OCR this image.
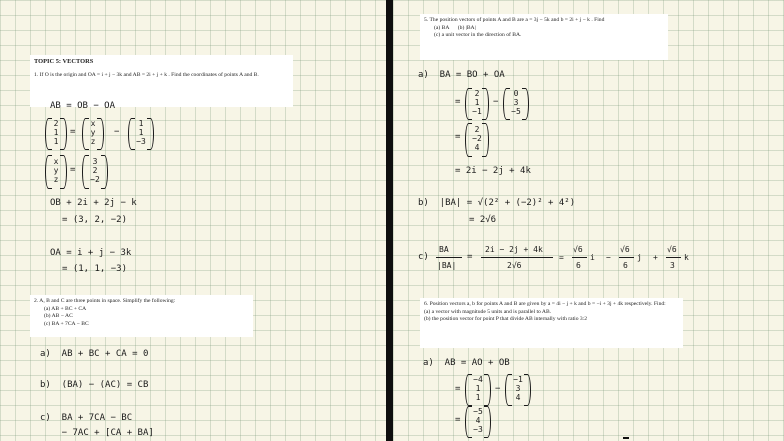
TOPIC 5: VECTORS
1. If O is the origin and OA = i + j − 3k and AB = 2i + j + k . Find the coordinates of points A and B.
AB = OB − OA
2
1
1
=
x
y
z
−
1
1
−3
x
y
z
=
3
2
−2
OB + 2i + 2j − k
= (3, 2, −2)
OA = i + j − 3k
= (1, 1, −3)
2. A, B and C are three points in space. Simplify the following:
(a) AB + BC + CA
(b) AB − AC
(c) BA + 7CA − BC
a)  AB + BC + CA = 0
b)  (BA) − (AC) = CB
c)  BA + 7CA − BC
− 7AC + [CA + BA]
5. The position vectors of points A and B are a = 3j − 5k and b = 2i + j − k . Find
(a) BA (b) |BA|
(c) a unit vector in the direction of BA.
a)  BA = BO + OA
=
2
1
−1
−
0
3
−5
=
2
−2
4
= 2i − 2j + 4k
b)  |BA| = √(2² + (−2)² + 4²)
= 2√6
c)
BA
|BA|
=
2i − 2j + 4k
2√6
=
√6
6
i −
√6
6
j +
√6
3
k
6. Position vectors a, b for points A and B are given by a = 4i − j + k and b = −i + 3j + 4k respectively. Find:
(a) a vector with magnitude 5 units and is parallel to AB.
(b) the position vector for point P that divide AB internally with ratio 3:2
a)  AB = AO + OB
=
−4
1
1
−
−1
3
4
=
−5
4
−3
